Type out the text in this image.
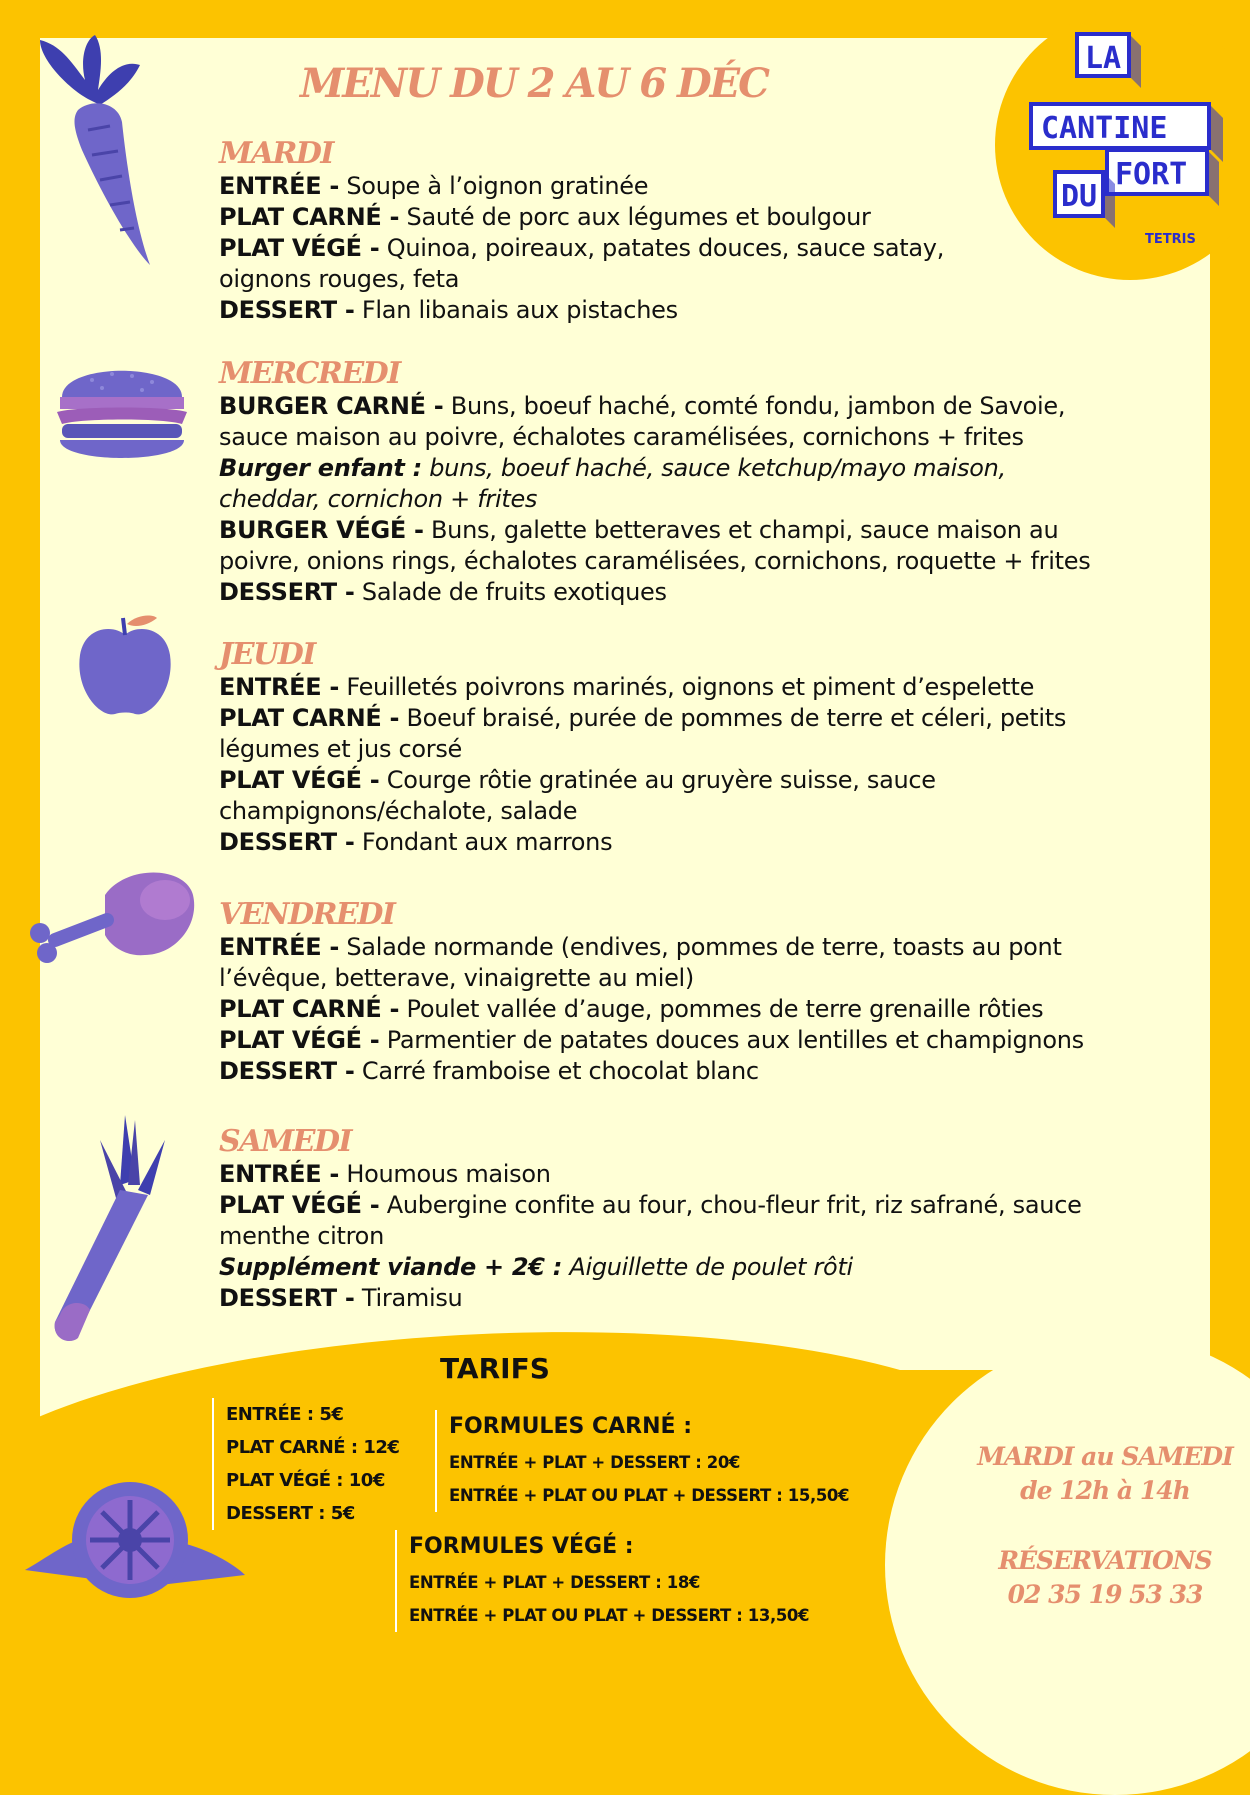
LA
CANTINE
DU
FORT
TETRIS
MENU DU 2 AU 6 DÉC
MARDI
ENTRÉE - Soupe à l’oignon gratinée
PLAT CARNÉ - Sauté de porc aux légumes et boulgour
PLAT VÉGÉ - Quinoa, poireaux, patates douces, sauce satay,
oignons rouges, feta
DESSERT - Flan libanais aux pistaches
MERCREDI
BURGER CARNÉ - Buns, boeuf haché, comté fondu, jambon de Savoie,
sauce maison au poivre, échalotes caramélisées, cornichons + frites
Burger enfant : buns, boeuf haché, sauce ketchup/mayo maison,
cheddar, cornichon + frites
BURGER VÉGÉ - Buns, galette betteraves et champi, sauce maison au
poivre, onions rings, échalotes caramélisées, cornichons, roquette + frites
DESSERT - Salade de fruits exotiques
JEUDI
ENTRÉE - Feuilletés poivrons marinés, oignons et piment d’espelette
PLAT CARNÉ - Boeuf braisé, purée de pommes de terre et céleri, petits
légumes et jus corsé
PLAT VÉGÉ - Courge rôtie gratinée au gruyère suisse, sauce
champignons/échalote, salade
DESSERT - Fondant aux marrons
VENDREDI
ENTRÉE - Salade normande (endives, pommes de terre, toasts au pont
l’évêque, betterave, vinaigrette au miel)
PLAT CARNÉ - Poulet vallée d’auge, pommes de terre grenaille rôties
PLAT VÉGÉ - Parmentier de patates douces aux lentilles et champignons
DESSERT - Carré framboise et chocolat blanc
SAMEDI
ENTRÉE - Houmous maison
PLAT VÉGÉ - Aubergine confite au four, chou-fleur frit, riz safrané, sauce
menthe citron
Supplément viande + 2€ : Aiguillette de poulet rôti
DESSERT - Tiramisu
TARIFS
ENTRÉE : 5€
PLAT CARNÉ : 12€
PLAT VÉGÉ : 10€
DESSERT : 5€
FORMULES CARNÉ :
ENTRÉE + PLAT + DESSERT : 20€
ENTRÉE + PLAT OU PLAT + DESSERT : 15,50€
FORMULES VÉGÉ :
ENTRÉE + PLAT + DESSERT : 18€
ENTRÉE + PLAT OU PLAT + DESSERT : 13,50€
MARDI au SAMEDI
de 12h à 14h
RÉSERVATIONS
02 35 19 53 33
